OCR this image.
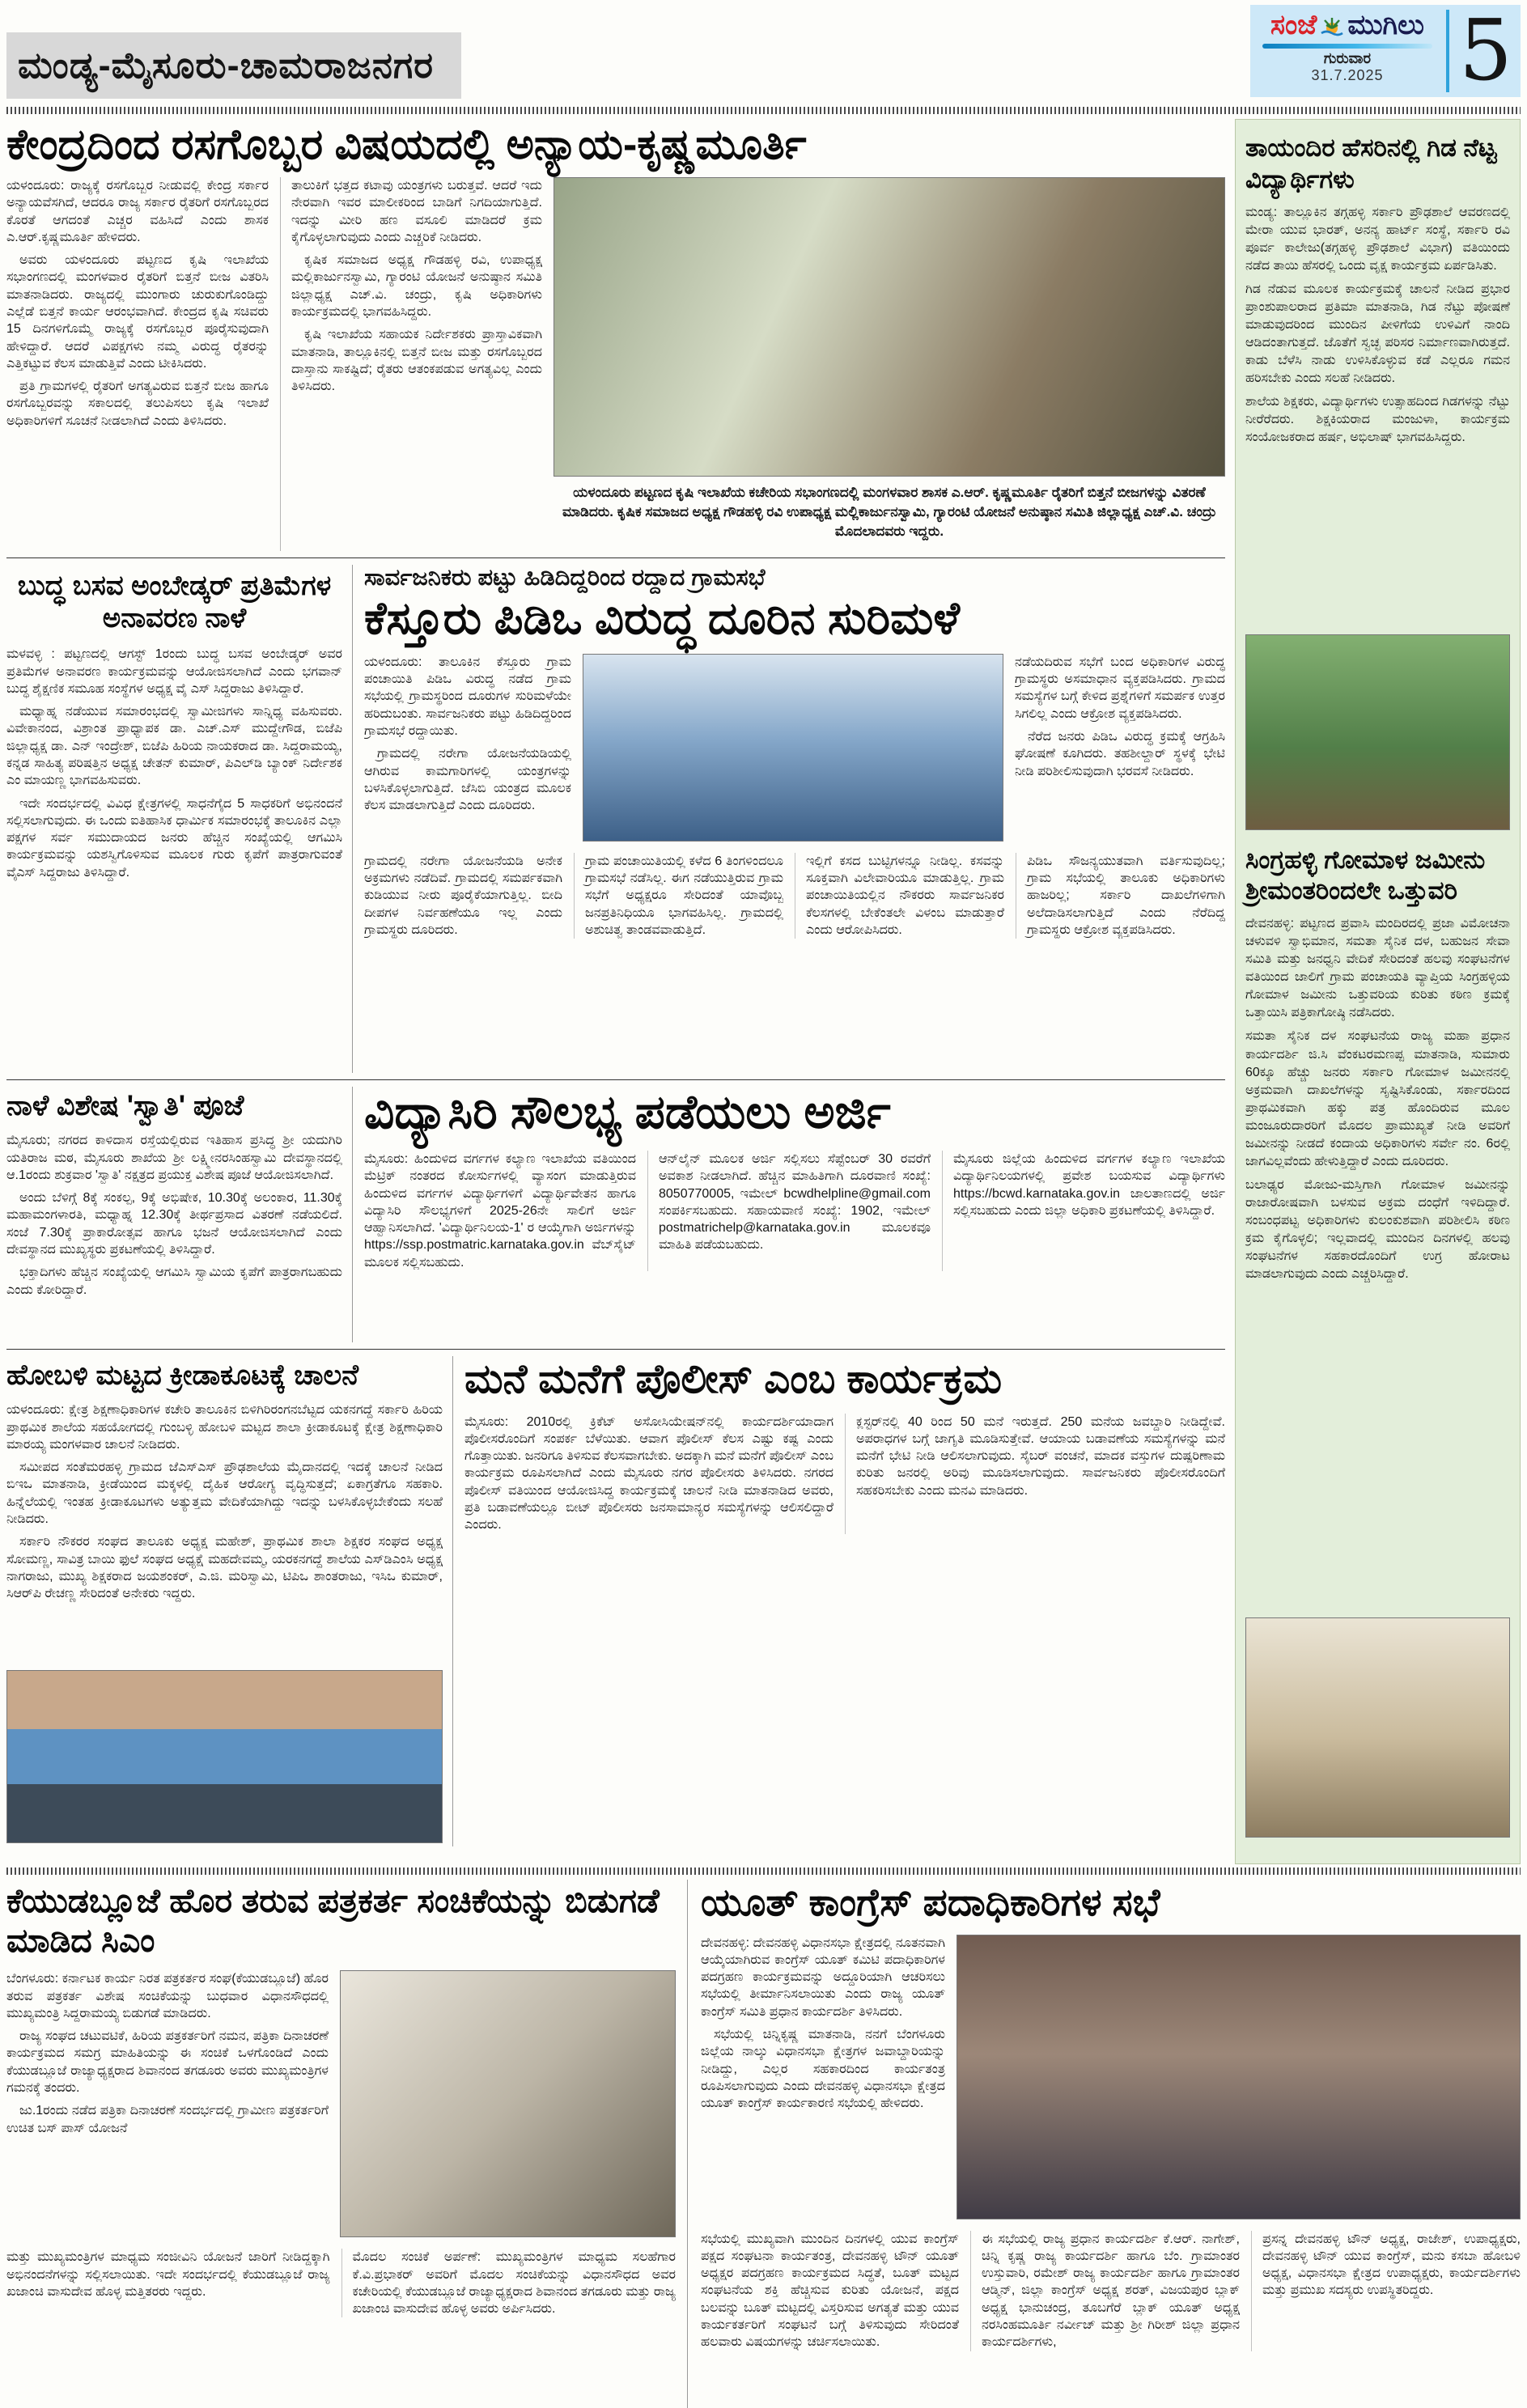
ಮಂಡ್ಯ-ಮೈಸೂರು-ಚಾಮರಾಜನಗರ
ಸಂಜೆ ಮುಗಿಲು
ಗುರುವಾರ
31.7.2025 5
ಕೇಂದ್ರದಿಂದ ರಸಗೊಬ್ಬರ ವಿಷಯದಲ್ಲಿ ಅನ್ಯಾಯ-ಕೃಷ್ಣಮೂರ್ತಿ

ಯಳಂದೂರು: ರಾಜ್ಯಕ್ಕೆ ರಸಗೊಬ್ಬರ ನೀಡುವಲ್ಲಿ ಕೇಂದ್ರ ಸರ್ಕಾರ ಅನ್ಯಾಯವೆಸಗಿದೆ, ಆದರೂ ರಾಜ್ಯ ಸರ್ಕಾರ ರೈತರಿಗೆ ರಸಗೊಬ್ಬರದ ಕೊರತೆ ಆಗದಂತೆ ಎಚ್ಚರ ವಹಿಸಿದೆ ಎಂದು ಶಾಸಕ ಎ.ಆರ್.ಕೃಷ್ಣಮೂರ್ತಿ ಹೇಳಿದರು.

ಅವರು ಯಳಂದೂರು ಪಟ್ಟಣದ ಕೃಷಿ ಇಲಾಖೆಯ ಸಭಾಂಗಣದಲ್ಲಿ ಮಂಗಳವಾರ ರೈತರಿಗೆ ಬಿತ್ತನೆ ಬೀಜ ವಿತರಿಸಿ ಮಾತನಾಡಿದರು. ರಾಜ್ಯದಲ್ಲಿ ಮುಂಗಾರು ಚುರುಕುಗೊಂಡಿದ್ದು ಎಲ್ಲೆಡೆ ಬಿತ್ತನೆ ಕಾರ್ಯ ಆರಂಭವಾಗಿದೆ. ಕೇಂದ್ರದ ಕೃಷಿ ಸಚಿವರು 15 ದಿನಗಳಿಗೊಮ್ಮೆ ರಾಜ್ಯಕ್ಕೆ ರಸಗೊಬ್ಬರ ಪೂರೈಸುವುದಾಗಿ ಹೇಳಿದ್ದಾರೆ. ಆದರೆ ವಿಪಕ್ಷಗಳು ನಮ್ಮ ವಿರುದ್ಧ ರೈತರನ್ನು ಎತ್ತಿಕಟ್ಟುವ ಕೆಲಸ ಮಾಡುತ್ತಿವೆ ಎಂದು ಟೀಕಿಸಿದರು.

ಪ್ರತಿ ಗ್ರಾಮಗಳಲ್ಲಿ ರೈತರಿಗೆ ಅಗತ್ಯವಿರುವ ಬಿತ್ತನೆ ಬೀಜ ಹಾಗೂ ರಸಗೊಬ್ಬರವನ್ನು ಸಕಾಲದಲ್ಲಿ ತಲುಪಿಸಲು ಕೃಷಿ ಇಲಾಖೆ ಅಧಿಕಾರಿಗಳಿಗೆ ಸೂಚನೆ ನೀಡಲಾಗಿದೆ ಎಂದು ತಿಳಿಸಿದರು.

ತಾಲುಕಿಗೆ ಭತ್ತದ ಕಟಾವು ಯಂತ್ರಗಳು ಬರುತ್ತವೆ. ಆದರೆ ಇದು ನೇರವಾಗಿ ಇವರ ಮಾಲೀಕರಿಂದ ಬಾಡಿಗೆ ನಿಗದಿಯಾಗುತ್ತಿದೆ. ಇದನ್ನು ಮೀರಿ ಹಣ ವಸೂಲಿ ಮಾಡಿದರೆ ಕ್ರಮ ಕೈಗೊಳ್ಳಲಾಗುವುದು ಎಂದು ಎಚ್ಚರಿಕೆ ನೀಡಿದರು.

ಕೃಷಿಕ ಸಮಾಜದ ಅಧ್ಯಕ್ಷ ಗೌಡಹಳ್ಳಿ ರವಿ, ಉಪಾಧ್ಯಕ್ಷ ಮಲ್ಲಿಕಾರ್ಜುನಸ್ವಾಮಿ, ಗ್ಯಾರಂಟಿ ಯೋಜನೆ ಅನುಷ್ಠಾನ ಸಮಿತಿ ಜಿಲ್ಲಾಧ್ಯಕ್ಷ ಎಚ್.ವಿ. ಚಂದ್ರು, ಕೃಷಿ ಅಧಿಕಾರಿಗಳು ಕಾರ್ಯಕ್ರಮದಲ್ಲಿ ಭಾಗವಹಿಸಿದ್ದರು.

ಕೃಷಿ ಇಲಾಖೆಯ ಸಹಾಯಕ ನಿರ್ದೇಶಕರು ಪ್ರಾಸ್ತಾವಿಕವಾಗಿ ಮಾತನಾಡಿ, ತಾಲ್ಲೂಕಿನಲ್ಲಿ ಬಿತ್ತನೆ ಬೀಜ ಮತ್ತು ರಸಗೊಬ್ಬರದ ದಾಸ್ತಾನು ಸಾಕಷ್ಟಿದೆ; ರೈತರು ಆತಂಕಪಡುವ ಅಗತ್ಯವಿಲ್ಲ ಎಂದು ತಿಳಿಸಿದರು.

ಯಳಂದೂರು ಪಟ್ಟಣದ ಕೃಷಿ ಇಲಾಖೆಯ ಕಚೇರಿಯ ಸಭಾಂಗಣದಲ್ಲಿ ಮಂಗಳವಾರ ಶಾಸಕ ಎ.ಆರ್. ಕೃಷ್ಣಮೂರ್ತಿ ರೈತರಿಗೆ ಬಿತ್ತನೆ ಬೀಜಗಳನ್ನು ವಿತರಣೆ ಮಾಡಿದರು. ಕೃಷಿಕ ಸಮಾಜದ ಅಧ್ಯಕ್ಷ ಗೌಡಹಳ್ಳಿ ರವಿ ಉಪಾಧ್ಯಕ್ಷ ಮಲ್ಲಿಕಾರ್ಜುನಸ್ವಾಮಿ, ಗ್ಯಾರಂಟಿ ಯೋಜನೆ ಅನುಷ್ಠಾನ ಸಮಿತಿ ಜಿಲ್ಲಾಧ್ಯಕ್ಷ ಎಚ್.ವಿ. ಚಂದ್ರು ಮೊದಲಾದವರು ಇದ್ದರು.
ಬುದ್ಧ ಬಸವ ಅಂಬೇಡ್ಕರ್ ಪ್ರತಿಮೆಗಳ ಅನಾವರಣ ನಾಳೆ

ಮಳವಳ್ಳಿ : ಪಟ್ಟಣದಲ್ಲಿ ಆಗಸ್ಟ್ 1ರಂದು ಬುದ್ಧ ಬಸವ ಅಂಬೇಡ್ಕರ್ ಅವರ ಪ್ರತಿಮೆಗಳ ಅನಾವರಣ ಕಾರ್ಯಕ್ರಮವನ್ನು ಆಯೋಜಿಸಲಾಗಿದೆ ಎಂದು ಭಗವಾನ್ ಬುದ್ಧ ಶೈಕ್ಷಣಿಕ ಸಮೂಹ ಸಂಸ್ಥೆಗಳ ಅಧ್ಯಕ್ಷ ವೈ ಎಸ್ ಸಿದ್ದರಾಜು ತಿಳಿಸಿದ್ದಾರೆ.

ಮಧ್ಯಾಹ್ನ ನಡೆಯುವ ಸಮಾರಂಭದಲ್ಲಿ ಸ್ವಾಮೀಜಿಗಳು ಸಾನ್ನಿಧ್ಯ ವಹಿಸುವರು. ವಿವೇಕಾನಂದ, ವಿಶ್ರಾಂತ ಪ್ರಾಧ್ಯಾಪಕ ಡಾ. ಎಚ್.ಎಸ್ ಮುದ್ದೇಗೌಡ, ಬಿಜೆಪಿ ಜಿಲ್ಲಾಧ್ಯಕ್ಷ ಡಾ. ಎನ್ ಇಂದ್ರೇಶ್, ಬಿಜೆಪಿ ಹಿರಿಯ ನಾಯಕರಾದ ಡಾ. ಸಿದ್ದರಾಮಯ್ಯ, ಕನ್ನಡ ಸಾಹಿತ್ಯ ಪರಿಷತ್ತಿನ ಅಧ್ಯಕ್ಷ ಚೇತನ್ ಕುಮಾರ್, ಪಿಎಲ್‌ಡಿ ಬ್ಯಾಂಕ್ ನಿರ್ದೇಶಕ ಎಂ ಮಾಯಣ್ಣ ಭಾಗವಹಿಸುವರು.

ಇದೇ ಸಂದರ್ಭದಲ್ಲಿ ವಿವಿಧ ಕ್ಷೇತ್ರಗಳಲ್ಲಿ ಸಾಧನೆಗೈದ 5 ಸಾಧಕರಿಗೆ ಅಭಿನಂದನೆ ಸಲ್ಲಿಸಲಾಗುವುದು. ಈ ಒಂದು ಐತಿಹಾಸಿಕ ಧಾರ್ಮಿಕ ಸಮಾರಂಭಕ್ಕೆ ತಾಲೂಕಿನ ಎಲ್ಲಾ ಪಕ್ಷಗಳ ಸರ್ವ ಸಮುದಾಯದ ಜನರು ಹೆಚ್ಚಿನ ಸಂಖ್ಯೆಯಲ್ಲಿ ಆಗಮಿಸಿ ಕಾರ್ಯಕ್ರಮವನ್ನು ಯಶಸ್ವಿಗೊಳಿಸುವ ಮೂಲಕ ಗುರು ಕೃಪೆಗೆ ಪಾತ್ರರಾಗುವಂತೆ ವೈಎಸ್ ಸಿದ್ದರಾಜು ತಿಳಿಸಿದ್ದಾರೆ.

ಸಾರ್ವಜನಿಕರು ಪಟ್ಟು ಹಿಡಿದಿದ್ದರಿಂದ ರದ್ದಾದ ಗ್ರಾಮಸಭೆ
ಕೆಸ್ತೂರು ಪಿಡಿಒ ವಿರುದ್ಧ ದೂರಿನ ಸುರಿಮಳೆ

ಯಳಂದೂರು: ತಾಲೂಕಿನ ಕೆಸ್ತೂರು ಗ್ರಾಮ ಪಂಚಾಯಿತಿ ಪಿಡಿಒ ವಿರುದ್ಧ ನಡೆದ ಗ್ರಾಮ ಸಭೆಯಲ್ಲಿ ಗ್ರಾಮಸ್ಥರಿಂದ ದೂರುಗಳ ಸುರಿಮಳೆಯೇ ಹರಿದುಬಂತು. ಸಾರ್ವಜನಿಕರು ಪಟ್ಟು ಹಿಡಿದಿದ್ದರಿಂದ ಗ್ರಾಮಸಭೆ ರದ್ದಾಯಿತು.

ಗ್ರಾಮದಲ್ಲಿ ನರೇಗಾ ಯೋಜನೆಯಡಿಯಲ್ಲಿ ಆಗಿರುವ ಕಾಮಗಾರಿಗಳಲ್ಲಿ ಯಂತ್ರಗಳನ್ನು ಬಳಸಿಕೊಳ್ಳಲಾಗುತ್ತಿದೆ. ಜೆಸಿಬಿ ಯಂತ್ರದ ಮೂಲಕ ಕೆಲಸ ಮಾಡಲಾಗುತ್ತಿದೆ ಎಂದು ದೂರಿದರು.

ನಡೆಯದಿರುವ ಸಭೆಗೆ ಬಂದ ಅಧಿಕಾರಿಗಳ ವಿರುದ್ಧ ಗ್ರಾಮಸ್ಥರು ಅಸಮಾಧಾನ ವ್ಯಕ್ತಪಡಿಸಿದರು. ಗ್ರಾಮದ ಸಮಸ್ಯೆಗಳ ಬಗ್ಗೆ ಕೇಳಿದ ಪ್ರಶ್ನೆಗಳಿಗೆ ಸಮರ್ಪಕ ಉತ್ತರ ಸಿಗಲಿಲ್ಲ ಎಂದು ಆಕ್ರೋಶ ವ್ಯಕ್ತಪಡಿಸಿದರು.

ನೆರೆದ ಜನರು ಪಿಡಿಒ ವಿರುದ್ಧ ಕ್ರಮಕ್ಕೆ ಆಗ್ರಹಿಸಿ ಘೋಷಣೆ ಕೂಗಿದರು. ತಹಶೀಲ್ದಾರ್ ಸ್ಥಳಕ್ಕೆ ಭೇಟಿ ನೀಡಿ ಪರಿಶೀಲಿಸುವುದಾಗಿ ಭರವಸೆ ನೀಡಿದರು.

ಗ್ರಾಮದಲ್ಲಿ ನರೇಗಾ ಯೋಜನೆಯಡಿ ಅನೇಕ ಅಕ್ರಮಗಳು ನಡೆದಿವೆ. ಗ್ರಾಮದಲ್ಲಿ ಸಮರ್ಪಕವಾಗಿ ಕುಡಿಯುವ ನೀರು ಪೂರೈಕೆಯಾಗುತ್ತಿಲ್ಲ. ಬೀದಿ ದೀಪಗಳ ನಿರ್ವಹಣೆಯೂ ಇಲ್ಲ ಎಂದು ಗ್ರಾಮಸ್ಥರು ದೂರಿದರು.
ಗ್ರಾಮ ಪಂಚಾಯಿತಿಯಲ್ಲಿ ಕಳೆದ 6 ತಿಂಗಳಿಂದಲೂ ಗ್ರಾಮಸಭೆ ನಡೆಸಿಲ್ಲ. ಈಗ ನಡೆಯುತ್ತಿರುವ ಗ್ರಾಮ ಸಭೆಗೆ ಅಧ್ಯಕ್ಷರೂ ಸೇರಿದಂತೆ ಯಾವೊಬ್ಬ ಜನಪ್ರತಿನಿಧಿಯೂ ಭಾಗವಹಿಸಿಲ್ಲ. ಗ್ರಾಮದಲ್ಲಿ ಅಶುಚಿತ್ವ ತಾಂಡವವಾಡುತ್ತಿದೆ.
ಇಲ್ಲಿಗೆ ಕಸದ ಬುಟ್ಟಿಗಳನ್ನೂ ನೀಡಿಲ್ಲ. ಕಸವನ್ನು ಸೂಕ್ತವಾಗಿ ವಿಲೇವಾರಿಯೂ ಮಾಡುತ್ತಿಲ್ಲ. ಗ್ರಾಮ ಪಂಚಾಯಿತಿಯಲ್ಲಿನ ನೌಕರರು ಸಾರ್ವಜನಿಕರ ಕೆಲಸಗಳಲ್ಲಿ ಬೇಕೆಂತಲೇ ವಿಳಂಬ ಮಾಡುತ್ತಾರೆ ಎಂದು ಆರೋಪಿಸಿದರು.
ಪಿಡಿಒ ಸೌಜನ್ಯಯುತವಾಗಿ ವರ್ತಿಸುವುದಿಲ್ಲ; ಗ್ರಾಮ ಸಭೆಯಲ್ಲಿ ತಾಲೂಕು ಅಧಿಕಾರಿಗಳು ಹಾಜರಿಲ್ಲ; ಸರ್ಕಾರಿ ದಾಖಲೆಗಳಿಗಾಗಿ ಅಲೆದಾಡಿಸಲಾಗುತ್ತಿದೆ ಎಂದು ನೆರೆದಿದ್ದ ಗ್ರಾಮಸ್ಥರು ಆಕ್ರೋಶ ವ್ಯಕ್ತಪಡಿಸಿದರು.
ನಾಳೆ ವಿಶೇಷ 'ಸ್ವಾತಿ' ಪೂಜೆ

ಮೈಸೂರು; ನಗರದ ಕಾಳಿದಾಸ ರಸ್ತೆಯಲ್ಲಿರುವ ಇತಿಹಾಸ ಪ್ರಸಿದ್ಧ ಶ್ರೀ ಯದುಗಿರಿ ಯತಿರಾಜ ಮಠ, ಮೈಸೂರು ಶಾಖೆಯ ಶ್ರೀ ಲಕ್ಷ್ಮೀನರಸಿಂಹಸ್ವಾಮಿ ದೇವಸ್ಥಾನದಲ್ಲಿ ಆ.1ರಂದು ಶುಕ್ರವಾರ 'ಸ್ವಾತಿ' ನಕ್ಷತ್ರದ ಪ್ರಯುಕ್ತ ವಿಶೇಷ ಪೂಜೆ ಆಯೋಜಿಸಲಾಗಿದೆ.

ಅಂದು ಬೆಳಿಗ್ಗೆ 8ಕ್ಕೆ ಸಂಕಲ್ಪ, 9ಕ್ಕೆ ಅಭಿಷೇಕ, 10.30ಕ್ಕೆ ಅಲಂಕಾರ, 11.30ಕ್ಕೆ ಮಹಾಮಂಗಳಾರತಿ, ಮಧ್ಯಾಹ್ನ 12.30ಕ್ಕೆ ತೀರ್ಥಪ್ರಸಾದ ವಿತರಣೆ ನಡೆಯಲಿದೆ. ಸಂಜೆ 7.30ಕ್ಕೆ ಪ್ರಾಕಾರೋತ್ಸವ ಹಾಗೂ ಭಜನೆ ಆಯೋಜಿಸಲಾಗಿದೆ ಎಂದು ದೇವಸ್ಥಾನದ ಮುಖ್ಯಸ್ಥರು ಪ್ರಕಟಣೆಯಲ್ಲಿ ತಿಳಿಸಿದ್ದಾರೆ.

ಭಕ್ತಾದಿಗಳು ಹೆಚ್ಚಿನ ಸಂಖ್ಯೆಯಲ್ಲಿ ಆಗಮಿಸಿ ಸ್ವಾಮಿಯ ಕೃಪೆಗೆ ಪಾತ್ರರಾಗಬಹುದು ಎಂದು ಕೋರಿದ್ದಾರೆ.

ವಿದ್ಯಾಸಿರಿ ಸೌಲಭ್ಯ ಪಡೆಯಲು ಅರ್ಜಿ
ಮೈಸೂರು: ಹಿಂದುಳಿದ ವರ್ಗಗಳ ಕಲ್ಯಾಣ ಇಲಾಖೆಯ ವತಿಯಿಂದ ಮೆಟ್ರಿಕ್ ನಂತರದ ಕೋರ್ಸುಗಳಲ್ಲಿ ವ್ಯಾಸಂಗ ಮಾಡುತ್ತಿರುವ ಹಿಂದುಳಿದ ವರ್ಗಗಳ ವಿದ್ಯಾರ್ಥಿಗಳಿಗೆ ವಿದ್ಯಾರ್ಥಿವೇತನ ಹಾಗೂ ವಿದ್ಯಾಸಿರಿ ಸೌಲಭ್ಯಗಳಿಗೆ 2025-26ನೇ ಸಾಲಿಗೆ ಅರ್ಜಿ ಆಹ್ವಾನಿಸಲಾಗಿದೆ. 'ವಿದ್ಯಾರ್ಥಿನಿಲಯ-1' ರ ಆಯ್ಕೆಗಾಗಿ ಅರ್ಜಿಗಳನ್ನು https://ssp.postmatric.karnataka.gov.in ವೆಬ್‌ಸೈಟ್ ಮೂಲಕ ಸಲ್ಲಿಸಬಹುದು.
ಆನ್‌ಲೈನ್ ಮೂಲಕ ಅರ್ಜಿ ಸಲ್ಲಿಸಲು ಸೆಪ್ಟೆಂಬರ್ 30 ರವರೆಗೆ ಅವಕಾಶ ನೀಡಲಾಗಿದೆ. ಹೆಚ್ಚಿನ ಮಾಹಿತಿಗಾಗಿ ದೂರವಾಣಿ ಸಂಖ್ಯೆ: 8050770005, ಇಮೇಲ್ bcwdhelpline@gmail.com ಸಂಪರ್ಕಿಸಬಹುದು. ಸಹಾಯವಾಣಿ ಸಂಖ್ಯೆ: 1902, ಇಮೇಲ್ postmatrichelp@karnataka.gov.in ಮೂಲಕವೂ ಮಾಹಿತಿ ಪಡೆಯಬಹುದು.
ಮೈಸೂರು ಜಿಲ್ಲೆಯ ಹಿಂದುಳಿದ ವರ್ಗಗಳ ಕಲ್ಯಾಣ ಇಲಾಖೆಯ ವಿದ್ಯಾರ್ಥಿನಿಲಯಗಳಲ್ಲಿ ಪ್ರವೇಶ ಬಯಸುವ ವಿದ್ಯಾರ್ಥಿಗಳು https://bcwd.karnataka.gov.in ಜಾಲತಾಣದಲ್ಲಿ ಅರ್ಜಿ ಸಲ್ಲಿಸಬಹುದು ಎಂದು ಜಿಲ್ಲಾ ಅಧಿಕಾರಿ ಪ್ರಕಟಣೆಯಲ್ಲಿ ತಿಳಿಸಿದ್ದಾರೆ.
ಹೋಬಳಿ ಮಟ್ಟದ ಕ್ರೀಡಾಕೂಟಕ್ಕೆ ಚಾಲನೆ

ಯಳಂದೂರು: ಕ್ಷೇತ್ರ ಶಿಕ್ಷಣಾಧಿಕಾರಿಗಳ ಕಚೇರಿ ತಾಲೂಕಿನ ಬಿಳಿಗಿರಿರಂಗನಬೆಟ್ಟದ ಯಕನಗದ್ದೆ ಸರ್ಕಾರಿ ಹಿರಿಯ ಪ್ರಾಥಮಿಕ ಶಾಲೆಯ ಸಹಯೋಗದಲ್ಲಿ ಗುಂಬಳ್ಳಿ ಹೋಬಳಿ ಮಟ್ಟದ ಶಾಲಾ ಕ್ರೀಡಾಕೂಟಕ್ಕೆ ಕ್ಷೇತ್ರ ಶಿಕ್ಷಣಾಧಿಕಾರಿ ಮಾರಯ್ಯ ಮಂಗಳವಾರ ಚಾಲನೆ ನೀಡಿದರು.

ಸಮೀಪದ ಸಂತೆಮರಹಳ್ಳಿ ಗ್ರಾಮದ ಜೆಎಸ್ಎಸ್ ಪ್ರೌಢಶಾಲೆಯ ಮೈದಾನದಲ್ಲಿ ಇದಕ್ಕೆ ಚಾಲನೆ ನೀಡಿದ ಬಿಇಒ ಮಾತನಾಡಿ, ಕ್ರೀಡೆಯಿಂದ ಮಕ್ಕಳಲ್ಲಿ ದೈಹಿಕ ಆರೋಗ್ಯ ವೃದ್ಧಿಸುತ್ತದೆ; ಏಕಾಗ್ರತೆಗೂ ಸಹಕಾರಿ. ಹಿನ್ನೆಲೆಯಲ್ಲಿ ಇಂತಹ ಕ್ರೀಡಾಕೂಟಗಳು ಅತ್ಯುತ್ತಮ ವೇದಿಕೆಯಾಗಿದ್ದು ಇದನ್ನು ಬಳಸಿಕೊಳ್ಳಬೇಕೆಂದು ಸಲಹೆ ನೀಡಿದರು.

ಸರ್ಕಾರಿ ನೌಕರರ ಸಂಘದ ತಾಲೂಕು ಅಧ್ಯಕ್ಷ ಮಹೇಶ್, ಪ್ರಾಥಮಿಕ ಶಾಲಾ ಶಿಕ್ಷಕರ ಸಂಘದ ಅಧ್ಯಕ್ಷ ಸೋಮಣ್ಣ, ಸಾವಿತ್ರ ಬಾಯಿ ಫುಲೆ ಸಂಘದ ಅಧ್ಯಕ್ಷೆ ಮಹದೇವಮ್ಮ, ಯರಕನಗದ್ದೆ ಶಾಲೆಯ ಎಸ್‌ಡಿಎಂಸಿ ಅಧ್ಯಕ್ಷ ನಾಗರಾಜು, ಮುಖ್ಯ ಶಿಕ್ಷಕರಾದ ಜಯಶಂಕರ್, ಎ.ಜಿ. ಮರಿಸ್ವಾಮಿ, ಟಿಪಿಒ ಶಾಂತರಾಜು, ಇಸಿಒ ಕುಮಾರ್, ಸಿಆರ್‌ಪಿ ರೇಚಣ್ಣ ಸೇರಿದಂತೆ ಅನೇಕರು ಇದ್ದರು.

ಮನೆ ಮನೆಗೆ ಪೊಲೀಸ್ ಎಂಬ ಕಾರ್ಯಕ್ರಮ
ಮೈಸೂರು: 2010ರಲ್ಲಿ ಕ್ರಿಕೆಟ್ ಅಸೋಸಿಯೇಷನ್‌ನಲ್ಲಿ ಕಾರ್ಯದರ್ಶಿಯಾದಾಗ ಪೊಲೀಸರೊಂದಿಗೆ ಸಂಪರ್ಕ ಬೆಳೆಯಿತು. ಆವಾಗ ಪೊಲೀಸ್ ಕೆಲಸ ಎಷ್ಟು ಕಷ್ಟ ಎಂದು ಗೊತ್ತಾಯಿತು. ಜನರಿಗೂ ತಿಳಿಸುವ ಕೆಲಸವಾಗಬೇಕು. ಅದಕ್ಕಾಗಿ ಮನೆ ಮನೆಗೆ ಪೊಲೀಸ್ ಎಂಬ ಕಾರ್ಯಕ್ರಮ ರೂಪಿಸಲಾಗಿದೆ ಎಂದು ಮೈಸೂರು ನಗರ ಪೊಲೀಸರು ತಿಳಿಸಿದರು. ನಗರದ ಪೊಲೀಸ್ ವತಿಯಿಂದ ಆಯೋಜಿಸಿದ್ದ ಕಾರ್ಯಕ್ರಮಕ್ಕೆ ಚಾಲನೆ ನೀಡಿ ಮಾತನಾಡಿದ ಅವರು, ಪ್ರತಿ ಬಡಾವಣೆಯಲ್ಲೂ ಬೀಟ್ ಪೊಲೀಸರು ಜನಸಾಮಾನ್ಯರ ಸಮಸ್ಯೆಗಳನ್ನು ಆಲಿಸಲಿದ್ದಾರೆ ಎಂದರು.
ಕ್ಲಸ್ಟರ್‌ನಲ್ಲಿ 40 ರಿಂದ 50 ಮನೆ ಇರುತ್ತದೆ. 250 ಮನೆಯ ಜವಬ್ದಾರಿ ನೀಡಿದ್ದೇವೆ. ಅಪರಾಧಗಳ ಬಗ್ಗೆ ಜಾಗೃತಿ ಮೂಡಿಸುತ್ತೇವೆ. ಆಯಾಯ ಬಡಾವಣೆಯ ಸಮಸ್ಯೆಗಳನ್ನು ಮನೆ ಮನೆಗೆ ಭೇಟಿ ನೀಡಿ ಆಲಿಸಲಾಗುವುದು. ಸೈಬರ್ ವಂಚನೆ, ಮಾದಕ ವಸ್ತುಗಳ ದುಷ್ಪರಿಣಾಮ ಕುರಿತು ಜನರಲ್ಲಿ ಅರಿವು ಮೂಡಿಸಲಾಗುವುದು. ಸಾರ್ವಜನಿಕರು ಪೊಲೀಸರೊಂದಿಗೆ ಸಹಕರಿಸಬೇಕು ಎಂದು ಮನವಿ ಮಾಡಿದರು.
ತಾಯಂದಿರ ಹೆಸರಿನಲ್ಲಿ ಗಿಡ ನೆಟ್ಟ ವಿದ್ಯಾರ್ಥಿಗಳು

ಮಂಡ್ಯ: ತಾಲ್ಲೂಕಿನ ತಗ್ಗಹಳ್ಳಿ ಸರ್ಕಾರಿ ಪ್ರೌಢಶಾಲೆ ಆವರಣದಲ್ಲಿ ಮೇರಾ ಯುವ ಭಾರತ್, ಅನನ್ಯ ಹಾರ್ಟ್ ಸಂಸ್ಥೆ, ಸರ್ಕಾರಿ ರವಿ ಪೂರ್ವ ಕಾಲೇಜು(ತಗ್ಗಹಳ್ಳಿ ಪ್ರೌಢಶಾಲೆ ವಿಭಾಗ) ವತಿಯಿಂದು ನಡೆದ ತಾಯಿ ಹೆಸರಲ್ಲಿ ಒಂದು ವೃಕ್ಷ ಕಾರ್ಯಕ್ರಮ ಏರ್ಪಡಿಸಿತು.

ಗಿಡ ನೆಡುವ ಮೂಲಕ ಕಾರ್ಯಕ್ರಮಕ್ಕೆ ಚಾಲನೆ ನೀಡಿದ ಪ್ರಭಾರ ಪ್ರಾಂಶುಪಾಲರಾದ ಪ್ರತಿಮಾ ಮಾತನಾಡಿ, ಗಿಡ ನೆಟ್ಟು ಪೋಷಣೆ ಮಾಡುವುದರಿಂದ ಮುಂದಿನ ಪೀಳಿಗೆಯ ಉಳಿವಿಗೆ ನಾಂದಿ ಆಡಿದಂತಾಗುತ್ತದೆ. ಜೊತೆಗೆ ಸ್ವಚ್ಛ ಪರಿಸರ ನಿರ್ಮಾಣವಾಗಿರುತ್ತದೆ. ಕಾಡು ಬೆಳೆಸಿ ನಾಡು ಉಳಿಸಿಕೊಳ್ಳುವ ಕಡೆ ಎಲ್ಲರೂ ಗಮನ ಹರಿಸಬೇಕು ಎಂದು ಸಲಹೆ ನೀಡಿದರು.

ಶಾಲೆಯ ಶಿಕ್ಷಕರು, ವಿದ್ಯಾರ್ಥಿಗಳು ಉತ್ಸಾಹದಿಂದ ಗಿಡಗಳನ್ನು ನೆಟ್ಟು ನೀರೆರೆದರು. ಶಿಕ್ಷಕಿಯರಾದ ಮಂಜುಳಾ, ಕಾರ್ಯಕ್ರಮ ಸಂಯೋಜಕರಾದ ಹರ್ಷ, ಅಭಿಲಾಷ್ ಭಾಗವಹಿಸಿದ್ದರು.

ಸಿಂಗ್ರಹಳ್ಳಿ ಗೋಮಾಳ ಜಮೀನು ಶ್ರೀಮಂತರಿಂದಲೇ ಒತ್ತುವರಿ

ದೇವನಹಳ್ಳಿ: ಪಟ್ಟಣದ ಪ್ರವಾಸಿ ಮಂದಿರದಲ್ಲಿ ಪ್ರಜಾ ವಿಮೋಚನಾ ಚಳುವಳಿ ಸ್ವಾಭಿಮಾನ, ಸಮತಾ ಸೈನಿಕ ದಳ, ಬಹುಜನ ಸೇವಾ ಸಮಿತಿ ಮತ್ತು ಜನಧ್ವನಿ ವೇದಿಕೆ ಸೇರಿದಂತೆ ಹಲವು ಸಂಘಟನೆಗಳ ವತಿಯಿಂದ ಜಾಲಿಗೆ ಗ್ರಾಮ ಪಂಚಾಯತಿ ವ್ಯಾಪ್ತಿಯ ಸಿಂಗ್ರಹಳ್ಳಿಯ ಗೋಮಾಳ ಜಮೀನು ಒತ್ತುವರಿಯ ಕುರಿತು ಕಠಿಣ ಕ್ರಮಕ್ಕೆ ಒತ್ತಾಯಿಸಿ ಪತ್ರಿಕಾಗೋಷ್ಠಿ ನಡೆಸಿದರು.

ಸಮತಾ ಸೈನಿಕ ದಳ ಸಂಘಟನೆಯ ರಾಜ್ಯ ಮಹಾ ಪ್ರಧಾನ ಕಾರ್ಯದರ್ಶಿ ಜಿ.ಸಿ ವೆಂಕಟರಮಣಪ್ಪ ಮಾತನಾಡಿ, ಸುಮಾರು 60ಕ್ಕೂ ಹೆಚ್ಚು ಜನರು ಸರ್ಕಾರಿ ಗೋಮಾಳ ಜಮೀನನಲ್ಲಿ ಅಕ್ರಮವಾಗಿ ದಾಖಲೆಗಳನ್ನು ಸೃಷ್ಟಿಸಿಕೊಂಡು, ಸರ್ಕಾರದಿಂದ ಪ್ರಾಥಮಿಕವಾಗಿ ಹಕ್ಕು ಪತ್ರ ಹೊಂದಿರುವ ಮೂಲ ಮಂಜೂರುದಾರರಿಗೆ ಮೊದಲ ಪ್ರಾಮುಖ್ಯತೆ ನೀಡಿ ಅವರಿಗೆ ಜಮೀನನ್ನು ನೀಡದೆ ಕಂದಾಯ ಅಧಿಕಾರಿಗಳು ಸರ್ವೇ ನಂ. 6ರಲ್ಲಿ ಜಾಗವಿಲ್ಲವೆಂದು ಹೇಳುತ್ತಿದ್ದಾರೆ ಎಂದು ದೂರಿದರು.

ಬಲಾಢ್ಯರ ಮೋಜು-ಮಸ್ತಿಗಾಗಿ ಗೋಮಾಳ ಜಮೀನನ್ನು ರಾಜಾರೋಷವಾಗಿ ಬಳಸುವ ಅಕ್ರಮ ದಂಧೆಗೆ ಇಳಿದಿದ್ದಾರೆ. ಸಂಬಂಧಪಟ್ಟ ಅಧಿಕಾರಿಗಳು ಕುಲಂಕುಶವಾಗಿ ಪರಿಶೀಲಿಸಿ ಕಠಿಣ ಕ್ರಮ ಕೈಗೊಳ್ಳಲಿ; ಇಲ್ಲವಾದಲ್ಲಿ ಮುಂದಿನ ದಿನಗಳಲ್ಲಿ ಹಲವು ಸಂಘಟನೆಗಳ ಸಹಕಾರದೊಂದಿಗೆ ಉಗ್ರ ಹೋರಾಟ ಮಾಡಲಾಗುವುದು ಎಂದು ಎಚ್ಚರಿಸಿದ್ದಾರೆ.

ಕೆಯುಡಬ್ಲೂಜೆ ಹೊರ ತರುವ ಪತ್ರಕರ್ತ ಸಂಚಿಕೆಯನ್ನು ಬಿಡುಗಡೆ ಮಾಡಿದ ಸಿಎಂ

ಬೆಂಗಳೂರು: ಕರ್ನಾಟಕ ಕಾರ್ಯ ನಿರತ ಪತ್ರಕರ್ತರ ಸಂಘ(ಕೆಯುಡಬ್ಲೂಜೆ) ಹೊರ ತರುವ ಪತ್ರಕರ್ತ ವಿಶೇಷ ಸಂಚಿಕೆಯನ್ನು ಬುಧವಾರ ವಿಧಾನಸೌಧದಲ್ಲಿ ಮುಖ್ಯಮಂತ್ರಿ ಸಿದ್ದರಾಮಯ್ಯ ಬಿಡುಗಡೆ ಮಾಡಿದರು.

ರಾಜ್ಯ ಸಂಘದ ಚಟುವಟಿಕೆ, ಹಿರಿಯ ಪತ್ರಕರ್ತರಿಗೆ ನಮನ, ಪತ್ರಿಕಾ ದಿನಾಚರಣೆ ಕಾರ್ಯಕ್ರಮದ ಸಮಗ್ರ ಮಾಹಿತಿಯನ್ನು ಈ ಸಂಚಿಕೆ ಒಳಗೊಂಡಿದೆ ಎಂದು ಕೆಯುಡಬ್ಲೂಜೆ ರಾಜ್ಯಾಧ್ಯಕ್ಷರಾದ ಶಿವಾನಂದ ತಗಡೂರು ಅವರು ಮುಖ್ಯಮಂತ್ರಿಗಳ ಗಮನಕ್ಕೆ ತಂದರು.

ಜು.1ರಂದು ನಡೆದ ಪತ್ರಿಕಾ ದಿನಾಚರಣೆ ಸಂದರ್ಭದಲ್ಲಿ ಗ್ರಾಮೀಣ ಪತ್ರಕರ್ತರಿಗೆ ಉಚಿತ ಬಸ್ ಪಾಸ್ ಯೋಜನೆ

ಮತ್ತು ಮುಖ್ಯಮಂತ್ರಿಗಳ ಮಾಧ್ಯಮ ಸಂಜೀವಿನಿ ಯೋಜನೆ ಜಾರಿಗೆ ನೀಡಿದ್ದಕ್ಕಾಗಿ ಅಭಿನಂದನೆಗಳನ್ನು ಸಲ್ಲಿಸಲಾಯಿತು. ಇದೇ ಸಂದರ್ಭದಲ್ಲಿ ಕೆಯುಡಬ್ಲೂಜೆ ರಾಜ್ಯ ಖಜಾಂಚಿ ವಾಸುದೇವ ಹೊಳ್ಳ ಮತ್ತಿತರರು ಇದ್ದರು.
ಮೊದಲ ಸಂಚಿಕೆ ಅರ್ಪಣೆ: ಮುಖ್ಯಮಂತ್ರಿಗಳ ಮಾಧ್ಯಮ ಸಲಹೆಗಾರ ಕೆ.ವಿ.ಪ್ರಭಾಕರ್ ಅವರಿಗೆ ಮೊದಲ ಸಂಚಿಕೆಯನ್ನು ವಿಧಾನಸೌಧದ ಅವರ ಕಚೇರಿಯಲ್ಲಿ ಕೆಯುಡಬ್ಲೂಜೆ ರಾಜ್ಯಾಧ್ಯಕ್ಷರಾದ ಶಿವಾನಂದ ತಗಡೂರು ಮತ್ತು ರಾಜ್ಯ ಖಜಾಂಚಿ ವಾಸುದೇವ ಹೊಳ್ಳ ಅವರು ಅರ್ಪಿಸಿದರು.
ಯೂತ್ ಕಾಂಗ್ರೆಸ್ ಪದಾಧಿಕಾರಿಗಳ ಸಭೆ

ದೇವನಹಳ್ಳಿ: ದೇವನಹಳ್ಳಿ ವಿಧಾನಸಭಾ ಕ್ಷೇತ್ರದಲ್ಲಿ ನೂತನವಾಗಿ ಆಯ್ಕೆಯಾಗಿರುವ ಕಾಂಗ್ರೆಸ್ ಯೂತ್ ಕಮಿಟಿ ಪದಾಧಿಕಾರಿಗಳ ಪದಗ್ರಹಣ ಕಾರ್ಯಕ್ರಮವನ್ನು ಅದ್ದೂರಿಯಾಗಿ ಆಚರಿಸಲು ಸಭೆಯಲ್ಲಿ ತೀರ್ಮಾನಿಸಲಾಯಿತು ಎಂದು ರಾಜ್ಯ ಯೂತ್ ಕಾಂಗ್ರೆಸ್ ಸಮಿತಿ ಪ್ರಧಾನ ಕಾರ್ಯದರ್ಶಿ ತಿಳಿಸಿದರು.

ಸಭೆಯಲ್ಲಿ ಚಿನ್ನಿಕೃಷ್ಣ ಮಾತನಾಡಿ, ನನಗೆ ಬೆಂಗಳೂರು ಜಿಲ್ಲೆಯ ನಾಲ್ಕು ವಿಧಾನಸಭಾ ಕ್ಷೇತ್ರಗಳ ಜವಾಬ್ದಾರಿಯನ್ನು ನೀಡಿದ್ದು, ಎಲ್ಲರ ಸಹಕಾರದಿಂದ ಕಾರ್ಯತಂತ್ರ ರೂಪಿಸಲಾಗುವುದು ಎಂದು ದೇವನಹಳ್ಳಿ ವಿಧಾನಸಭಾ ಕ್ಷೇತ್ರದ ಯೂತ್ ಕಾಂಗ್ರೆಸ್ ಕಾರ್ಯಕಾರಣಿ ಸಭೆಯಲ್ಲಿ ಹೇಳಿದರು.

ಸಭೆಯಲ್ಲಿ ಮುಖ್ಯವಾಗಿ ಮುಂದಿನ ದಿನಗಳಲ್ಲಿ ಯುವ ಕಾಂಗ್ರೆಸ್ ಪಕ್ಷದ ಸಂಘಟನಾ ಕಾರ್ಯತಂತ್ರ, ದೇವನಹಳ್ಳಿ ಟೌನ್ ಯೂತ್ ಅಧ್ಯಕ್ಷರ ಪದಗ್ರಹಣ ಕಾರ್ಯಕ್ರಮದ ಸಿದ್ಧತೆ, ಬೂತ್ ಮಟ್ಟದ ಸಂಘಟನೆಯ ಶಕ್ತಿ ಹೆಚ್ಚಿಸುವ ಕುರಿತು ಯೋಜನೆ, ಪಕ್ಷದ ಬಲವನ್ನು ಬೂತ್ ಮಟ್ಟದಲ್ಲಿ ವಿಸ್ತರಿಸುವ ಅಗತ್ಯತೆ ಮತ್ತು ಯುವ ಕಾರ್ಯಕರ್ತರಿಗೆ ಸಂಘಟನೆ ಬಗ್ಗೆ ತಿಳಿಸುವುದು ಸೇರಿದಂತೆ ಹಲವಾರು ವಿಷಯಗಳನ್ನು ಚರ್ಚಿಸಲಾಯಿತು.
ಈ ಸಭೆಯಲ್ಲಿ ರಾಜ್ಯ ಪ್ರಧಾನ ಕಾರ್ಯದರ್ಶಿ ಕೆ.ಆರ್. ನಾಗೇಶ್, ಚಿನ್ನಿ ಕೃಷ್ಣ ರಾಜ್ಯ ಕಾರ್ಯದರ್ಶಿ ಹಾಗೂ ಬೆಂ. ಗ್ರಾಮಾಂತರ ಉಸ್ತುವಾರಿ, ರಮೇಶ್ ರಾಜ್ಯ ಕಾರ್ಯದರ್ಶಿ ಹಾಗೂ ಗ್ರಾಮಾಂತರ ಆಡ್ಮಿನ್, ಜಿಲ್ಲಾ ಕಾಂಗ್ರೆಸ್ ಅಧ್ಯಕ್ಷ ಶರತ್, ವಿಜಯಪುರ ಬ್ಲಾಕ್ ಅಧ್ಯಕ್ಷ ಭಾನುಚಂದ್ರ, ತೂಬಗೆರೆ ಬ್ಲಾಕ್ ಯೂತ್ ಅಧ್ಯಕ್ಷ ನರಸಿಂಹಮೂರ್ತಿ ನರ್ವೀಜ್ ಮತ್ತು ಶ್ರೀ ಗಿರೀಶ್ ಜಿಲ್ಲಾ ಪ್ರಧಾನ ಕಾರ್ಯದರ್ಶಿಗಳು,
ಪ್ರಸನ್ನ ದೇವನಹಳ್ಳಿ ಟೌನ್ ಅಧ್ಯಕ್ಷ, ರಾಜೇಶ್, ಉಪಾಧ್ಯಕ್ಷರು, ದೇವನಹಳ್ಳಿ ಟೌನ್ ಯುವ ಕಾಂಗ್ರೆಸ್, ಮನು ಕಸಬಾ ಹೋಬಳಿ ಅಧ್ಯಕ್ಷ, ವಿಧಾನಸಭಾ ಕ್ಷೇತ್ರದ ಉಪಾಧ್ಯಕ್ಷರು, ಕಾರ್ಯದರ್ಶಿಗಳು ಮತ್ತು ಪ್ರಮುಖ ಸದಸ್ಯರು ಉಪಸ್ಥಿತರಿದ್ದರು.
